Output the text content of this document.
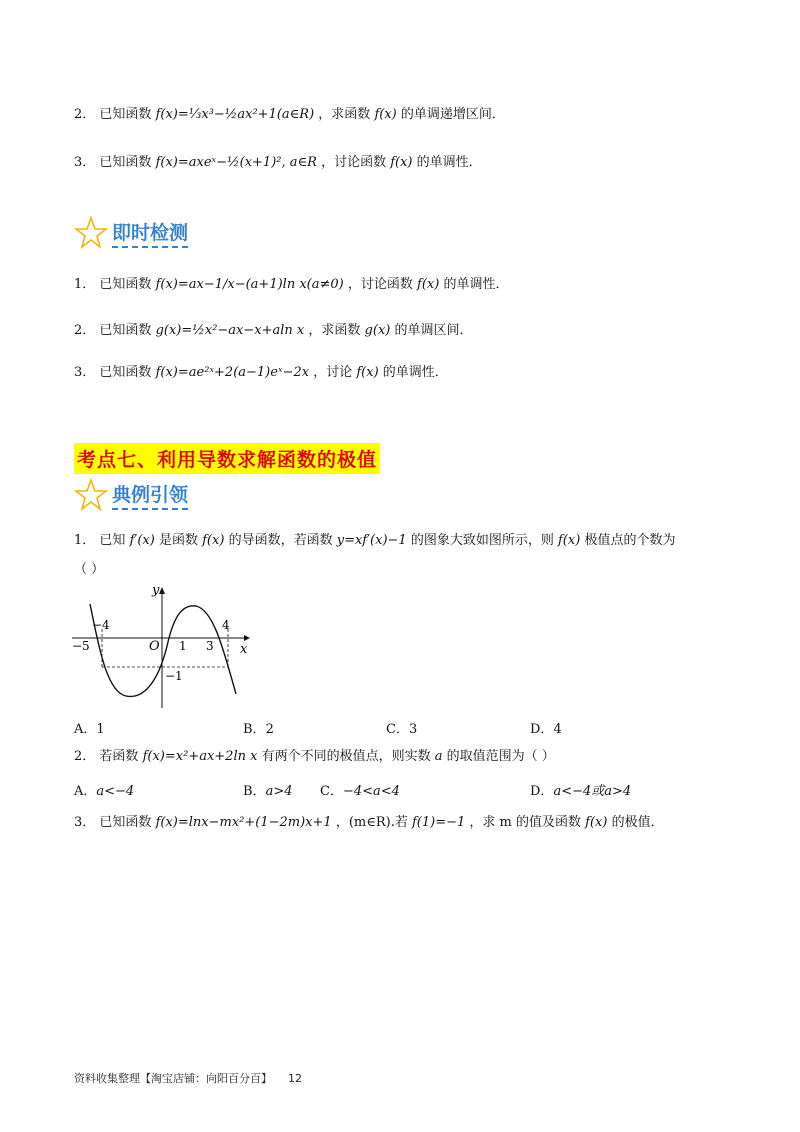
2． 已知函数 f(x)=⅓x³−½ax²+1(a∈R) ，求函数 f(x) 的单调递增区间．
3． 已知函数 f(x)=axeˣ−½(x+1)², a∈R ，讨论函数 f(x) 的单调性．
即时检测
1． 已知函数 f(x)=ax−1/x−(a+1)ln x(a≠0) ，讨论函数 f(x) 的单调性．
2． 已知函数 g(x)=½x²−ax−x+aln x ，求函数 g(x) 的单调区间．
3． 已知函数 f(x)=ae²ˣ+2(a−1)eˣ−2x ，讨论 f(x) 的单调性．
考点七、利用导数求解函数的极值
典例引领
1． 已知 f′(x) 是函数 f(x) 的导函数，若函数 y=xf′(x)−1 的图象大致如图所示，则 f(x) 极值点的个数为
（ ）
y
x
O
−5
−4
1 3
4
−1
A．1	B．2	C．3	D．4
2． 若函数 f(x)=x²+ax+2ln x 有两个不同的极值点，则实数 a 的取值范围为（ ）
A．a<−4	B．a>4 C．−4<a<4	D．a<−4或a>4
3． 已知函数 f(x)=lnx−mx²+(1−2m)x+1 ，(m∈R).若 f(1)=−1 ，求 m 的值及函数 f(x) 的极值．
资料收集整理【淘宝店铺：向阳百分百】 12
